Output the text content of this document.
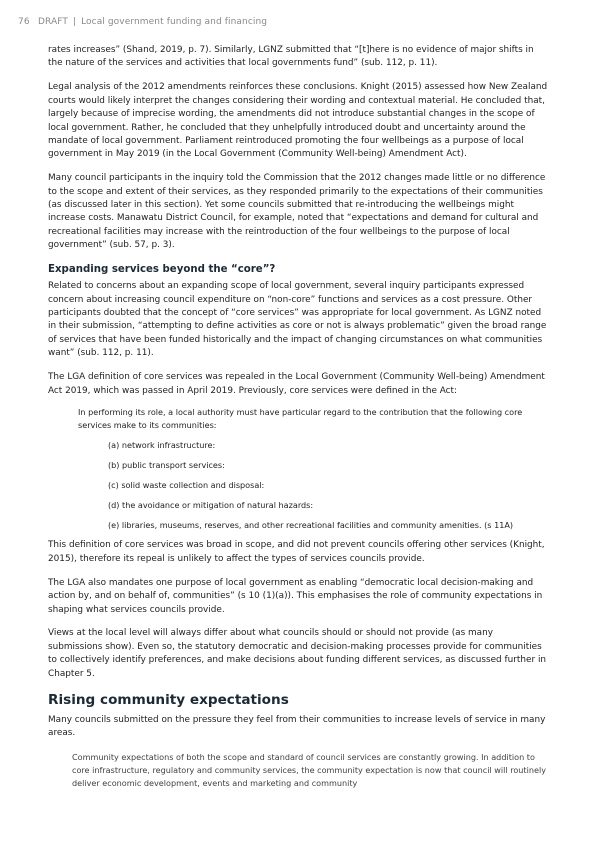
76 DRAFT | Local government funding and financing

rates increases” (Shand, 2019, p. 7). Similarly, LGNZ submitted that “[t]here is no evidence of major shifts in the nature of the services and activities that local governments fund” (sub. 112, p. 11).

Legal analysis of the 2012 amendments reinforces these conclusions. Knight (2015) assessed how New Zealand courts would likely interpret the changes considering their wording and contextual material. He concluded that, largely because of imprecise wording, the amendments did not introduce substantial changes in the scope of local government. Rather, he concluded that they unhelpfully introduced doubt and uncertainty around the mandate of local government. Parliament reintroduced promoting the four wellbeings as a purpose of local government in May 2019 (in the Local Government (Community Well-being) Amendment Act).

Many council participants in the inquiry told the Commission that the 2012 changes made little or no difference to the scope and extent of their services, as they responded primarily to the expectations of their communities (as discussed later in this section). Yet some councils submitted that re-introducing the wellbeings might increase costs. Manawatu District Council, for example, noted that “expectations and demand for cultural and recreational facilities may increase with the reintroduction of the four wellbeings to the purpose of local government” (sub. 57, p. 3).

Expanding services beyond the “core”?

Related to concerns about an expanding scope of local government, several inquiry participants expressed concern about increasing council expenditure on “non-core” functions and services as a cost pressure. Other participants doubted that the concept of “core services” was appropriate for local government. As LGNZ noted in their submission, “attempting to define activities as core or not is always problematic” given the broad range of services that have been funded historically and the impact of changing circumstances on what communities want” (sub. 112, p. 11).

The LGA definition of core services was repealed in the Local Government (Community Well-being) Amendment Act 2019, which was passed in April 2019. Previously, core services were defined in the Act:

In performing its role, a local authority must have particular regard to the contribution that the following core services make to its communities:

(a) network infrastructure:
(b) public transport services:
(c) solid waste collection and disposal:
(d) the avoidance or mitigation of natural hazards:
(e) libraries, museums, reserves, and other recreational facilities and community amenities. (s 11A)

This definition of core services was broad in scope, and did not prevent councils offering other services (Knight, 2015), therefore its repeal is unlikely to affect the types of services councils provide.

The LGA also mandates one purpose of local government as enabling “democratic local decision-making and action by, and on behalf of, communities” (s 10 (1)(a)). This emphasises the role of community expectations in shaping what services councils provide.

Views at the local level will always differ about what councils should or should not provide (as many submissions show). Even so, the statutory democratic and decision-making processes provide for communities to collectively identify preferences, and make decisions about funding different services, as discussed further in Chapter 5.

Rising community expectations

Many councils submitted on the pressure they feel from their communities to increase levels of service in many areas.

Community expectations of both the scope and standard of council services are constantly growing. In addition to core infrastructure, regulatory and community services, the community expectation is now that council will routinely deliver economic development, events and marketing and community
